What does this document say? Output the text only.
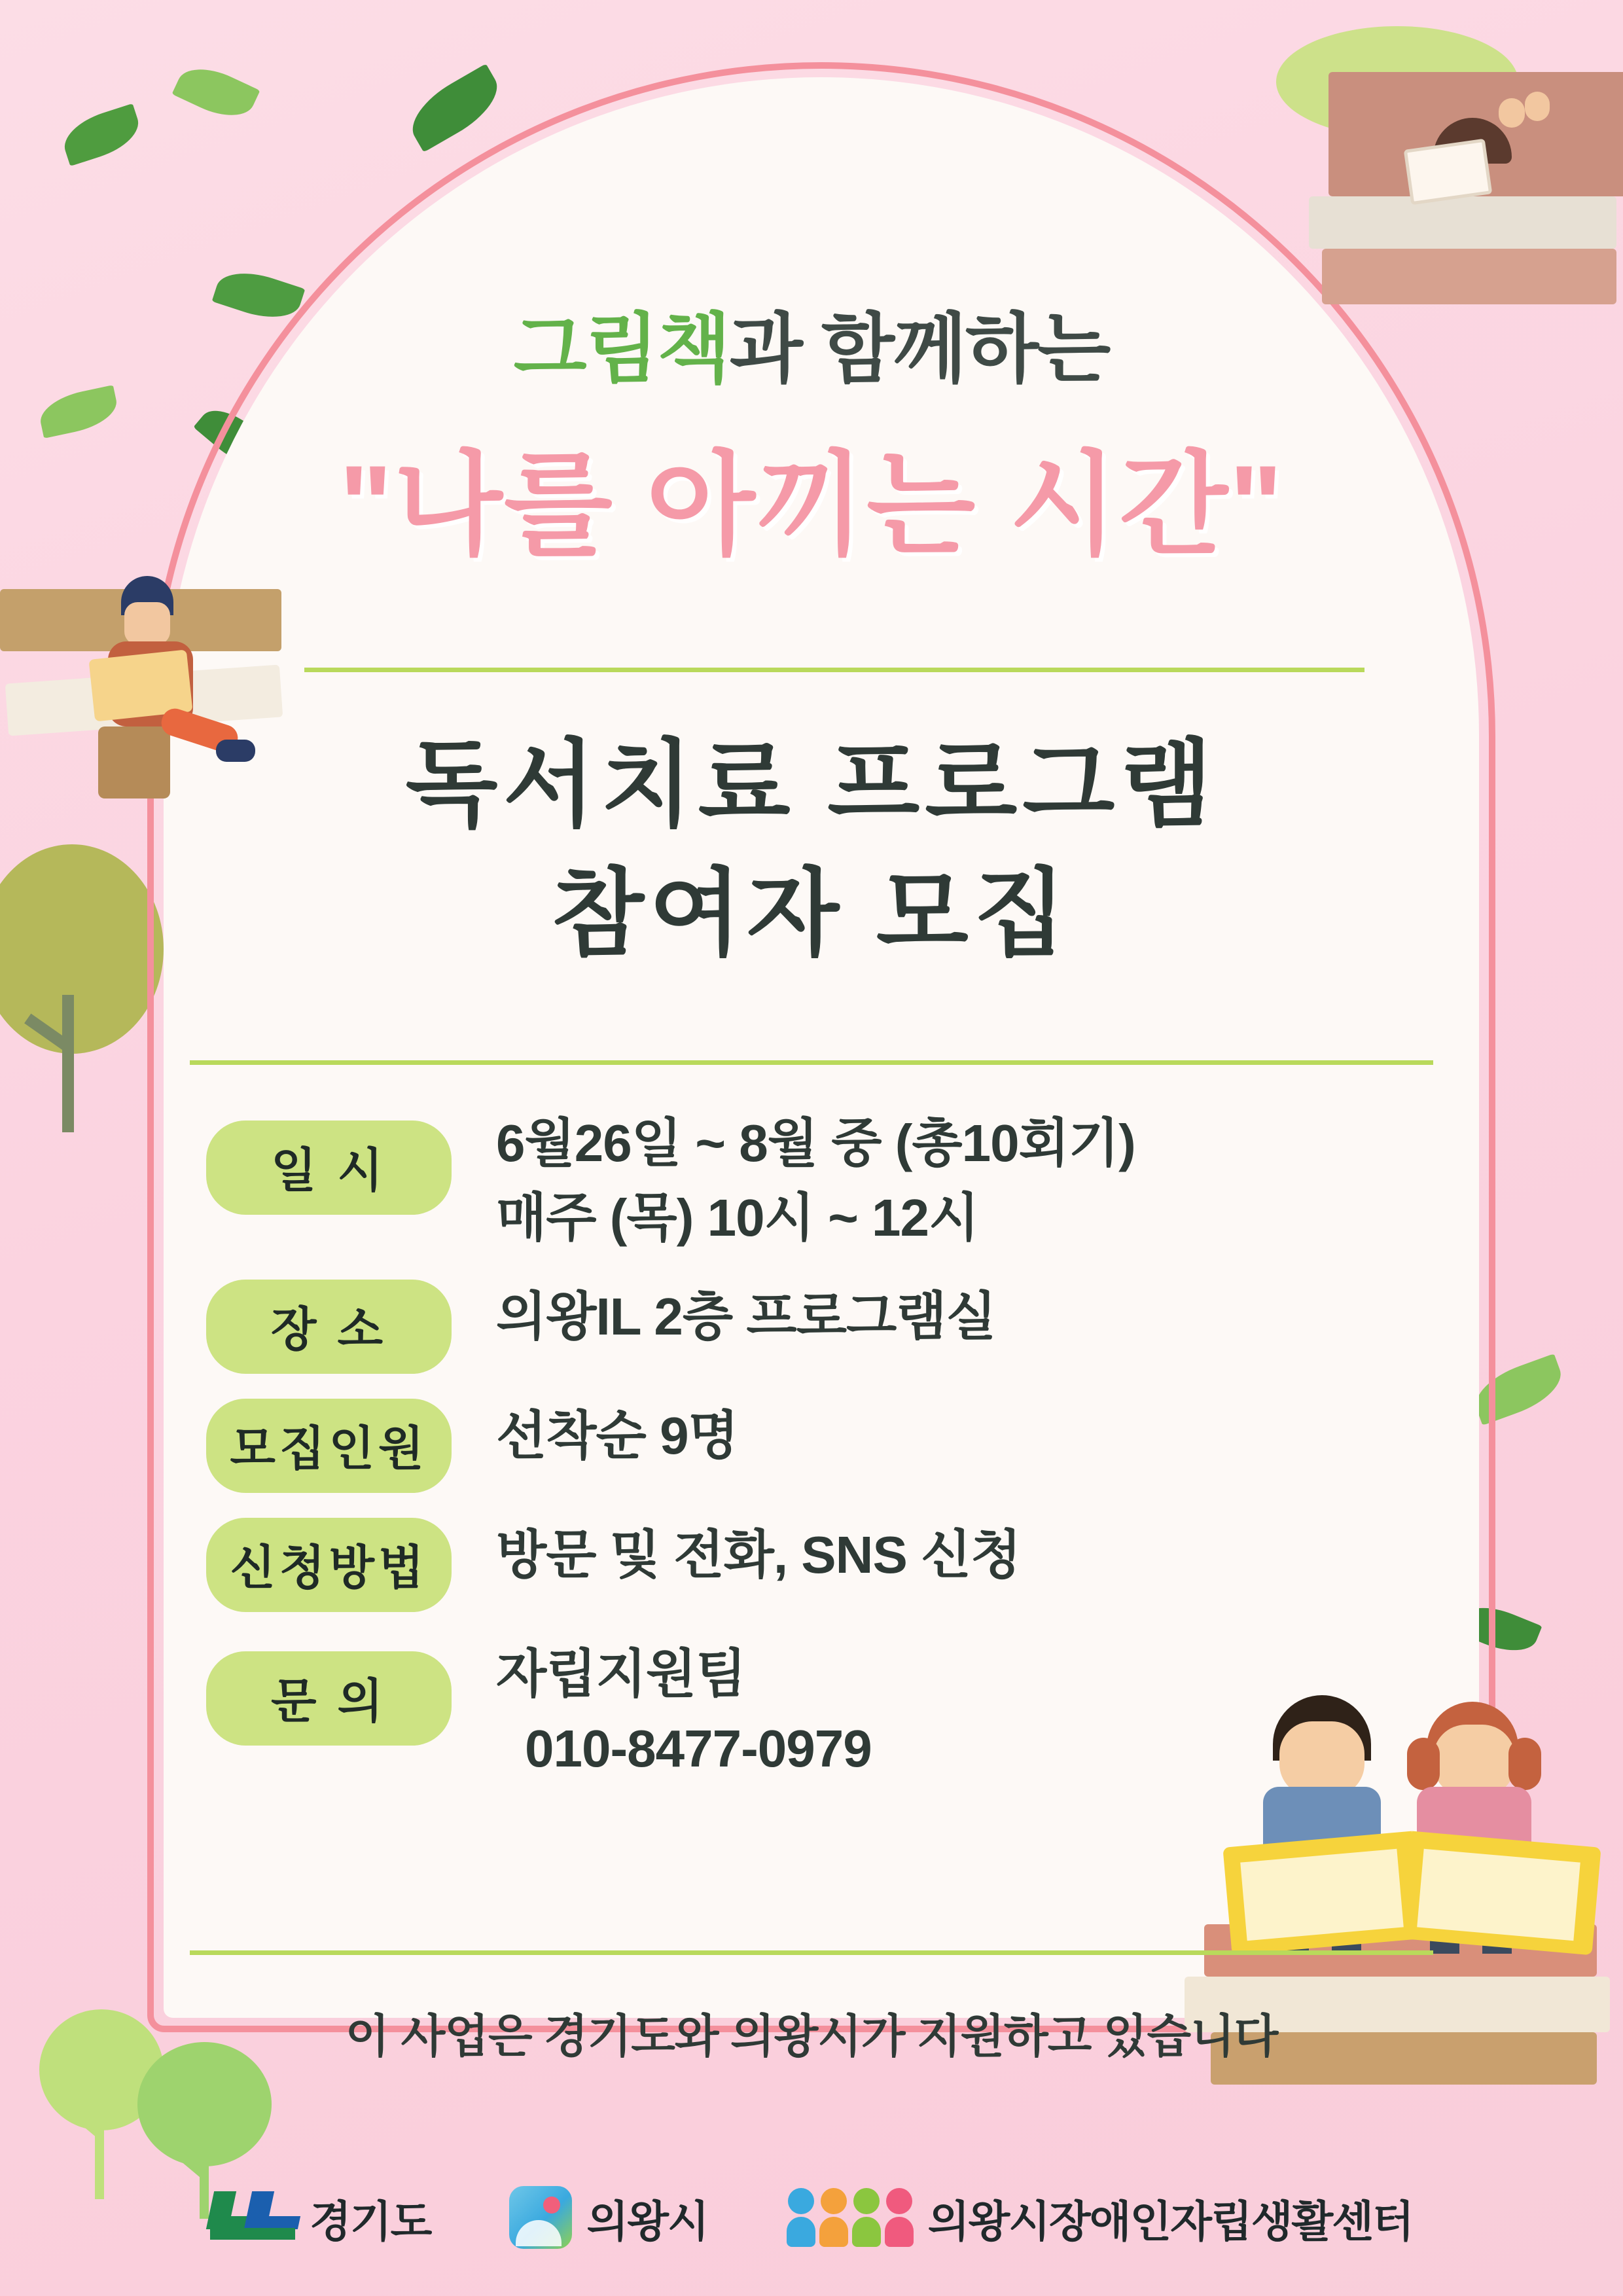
그림책과 함께하는
"나를 아끼는 시간"
독서치료 프로그램
참여자 모집
일 시	6월26일 ~ 8월 중 (총10회기)
매주 (목) 10시 ~ 12시
장 소	의왕IL 2층 프로그램실
모집인원	선착순 9명
신청방법	방문 및 전화, SNS 신청
문 의	자립지원팀
010-8477-0979
이 사업은 경기도와 의왕시가 지원하고 있습니다
경기도	의왕시	의왕시장애인자립생활센터
